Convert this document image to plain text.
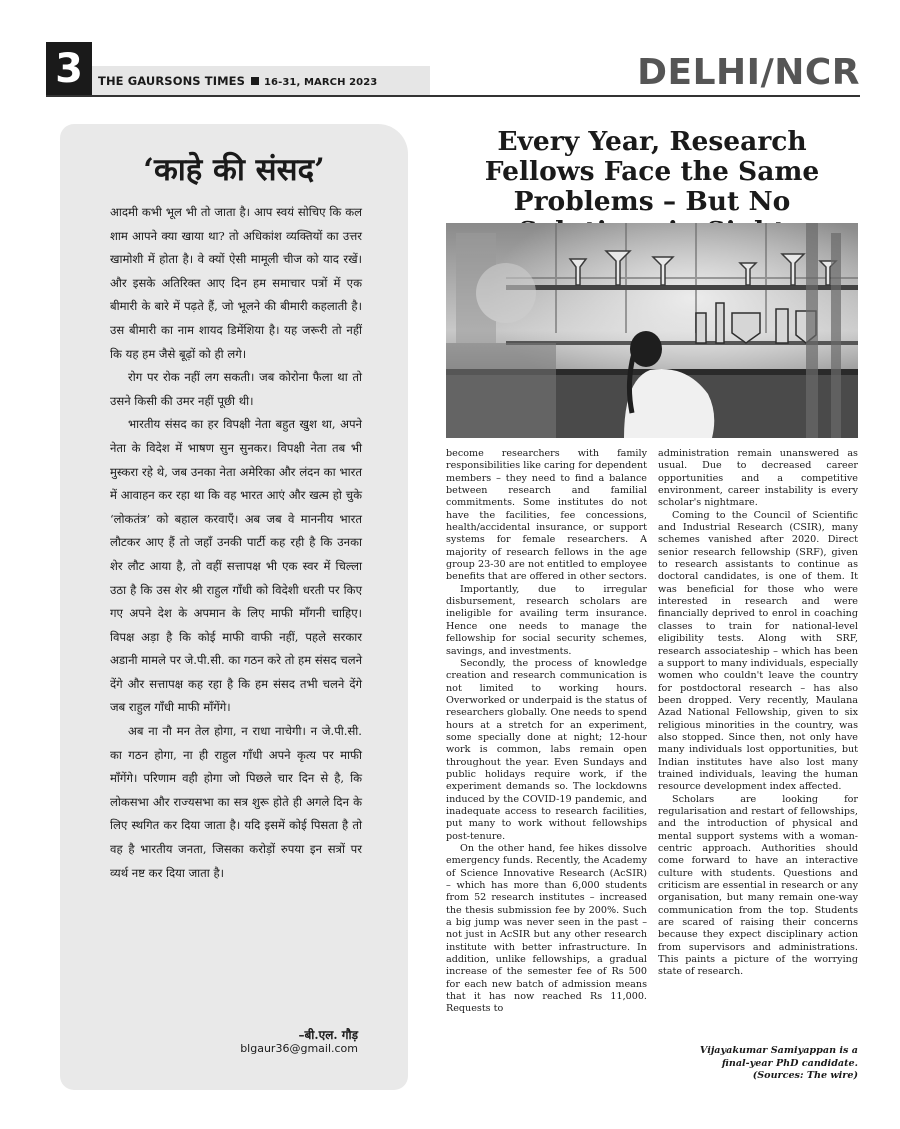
3	THE GAURSONS TIMES 16-31, MARCH 2023	DELHI/NCR
‘काहे की संसद’

आदमी कभी भूल भी तो जाता है। आप स्वयं सोचिए कि कल शाम आपने क्या खाया था? तो अधिकांश व्यक्तियों का उत्तर खामोशी में होता है। वे क्यों ऐसी मामूली चीज को याद रखें। और इसके अतिरिक्त आए दिन हम समाचार पत्रों में एक बीमारी के बारे में पढ़ते हैं, जो भूलने की बीमारी कहलाती है। उस बीमारी का नाम शायद डिमेंशिया है। यह जरूरी तो नहीं कि यह हम जैसे बूढ़ों को ही लगे।

रोग पर रोक नहीं लग सकती। जब कोरोना फैला था तो उसने किसी की उमर नहीं पूछी थी।

भारतीय संसद का हर विपक्षी नेता बहुत खुश था, अपने नेता के विदेश में भाषण सुन सुनकर। विपक्षी नेता तब भी मुस्करा रहे थे, जब उनका नेता अमेरिका और लंदन का भारत में आवाहन कर रहा था कि वह भारत आएं और खत्म हो चुके ‘लोकतंत्र’ को बहाल करवाएँ। अब जब वे माननीय भारत लौटकर आए हैं तो जहाँ उनकी पार्टी कह रही है कि उनका शेर लौट आया है, तो वहीं सत्तापक्ष भी एक स्वर में चिल्ला उठा है कि उस शेर श्री राहुल गाँधी को विदेशी धरती पर किए गए अपने देश के अपमान के लिए माफी माँगनी चाहिए। विपक्ष अड़ा है कि कोई माफी वाफी नहीं, पहले सरकार अडानी मामले पर जे.पी.सी. का गठन करे तो हम संसद चलने देंगे और सत्तापक्ष कह रहा है कि हम संसद तभी चलने देंगे जब राहुल गाँधी माफी माँगेंगे।

अब ना नौ मन तेल होगा, न राधा नाचेगी। न जे.पी.सी. का गठन होगा, ना ही राहुल गाँधी अपने कृत्य पर माफी माँगेंगे। परिणाम वही होगा जो पिछले चार दिन से है, कि लोकसभा और राज्यसभा का सत्र शुरू होते ही अगले दिन के लिए स्थगित कर दिया जाता है। यदि इसमें कोई पिसता है तो वह है भारतीय जनता, जिसका करोड़ों रुपया इन सत्रों पर व्यर्थ नष्ट कर दिया जाता है।

–बी.एल. गौड़
blgaur36@gmail.com
Every Year, Research Fellows Face the Same Problems – But No

become researchers with family responsibilities like caring for dependent members – they need to find a balance between research and familial commitments. Some institutes do not have the facilities, fee concessions, health/accidental insurance, or support systems for female researchers. A majority of research fellows in the age group 23-30 are not entitled to employee benefits that are offered in other sectors.

Importantly, due to irregular disbursement, research scholars are ineligible for availing term insurance. Hence one needs to manage the fellowship for social security schemes, savings, and investments.

Secondly, the process of knowledge creation and research communication is not limited to working hours. Overworked or underpaid is the status of researchers globally. One needs to spend hours at a stretch for an experiment, some specially done at night; 12-hour work is common, labs remain open throughout the year. Even Sundays and public holidays require work, if the experiment demands so. The lockdowns induced by the COVID-19 pandemic, and inadequate access to research facilities, put many to work without fellowships post-tenure.

On the other hand, fee hikes dissolve emergency funds. Recently, the Academy of Science Innovative Research (AcSIR) – which has more than 6,000 students from 52 research institutes – increased the thesis submission fee by 200%. Such a big jump was never seen in the past – not just in AcSIR but any other research institute with better infrastructure. In addition, unlike fellowships, a gradual increase of the semester fee of Rs 500 for each new batch of admission means that it has now reached Rs 11,000. Requests to

administration remain unanswered as usual. Due to decreased career opportunities and a competitive environment, career instability is every scholar's nightmare.

Coming to the Council of Scientific and Industrial Research (CSIR), many schemes vanished after 2020. Direct senior research fellowship (SRF), given to research assistants to continue as doctoral candidates, is one of them. It was beneficial for those who were interested in research and were financially deprived to enrol in coaching classes to train for national-level eligibility tests. Along with SRF, research associateship – which has been a support to many individuals, especially women who couldn't leave the country for postdoctoral research – has also been dropped. Very recently, Maulana Azad National Fellowship, given to six religious minorities in the country, was also stopped. Since then, not only have many individuals lost opportunities, but Indian institutes have also lost many trained individuals, leaving the human resource development index affected.

Scholars are looking for regularisation and restart of fellowships, and the introduction of physical and mental support systems with a woman-centric approach. Authorities should come forward to have an interactive culture with students. Questions and criticism are essential in research or any organisation, but many remain one-way communication from the top. Students are scared of raising their concerns because they expect disciplinary action from supervisors and administrations. This paints a picture of the worrying state of research.

Vijayakumar Samiyappan is a
final-year PhD candidate.
(Sources: The wire)
